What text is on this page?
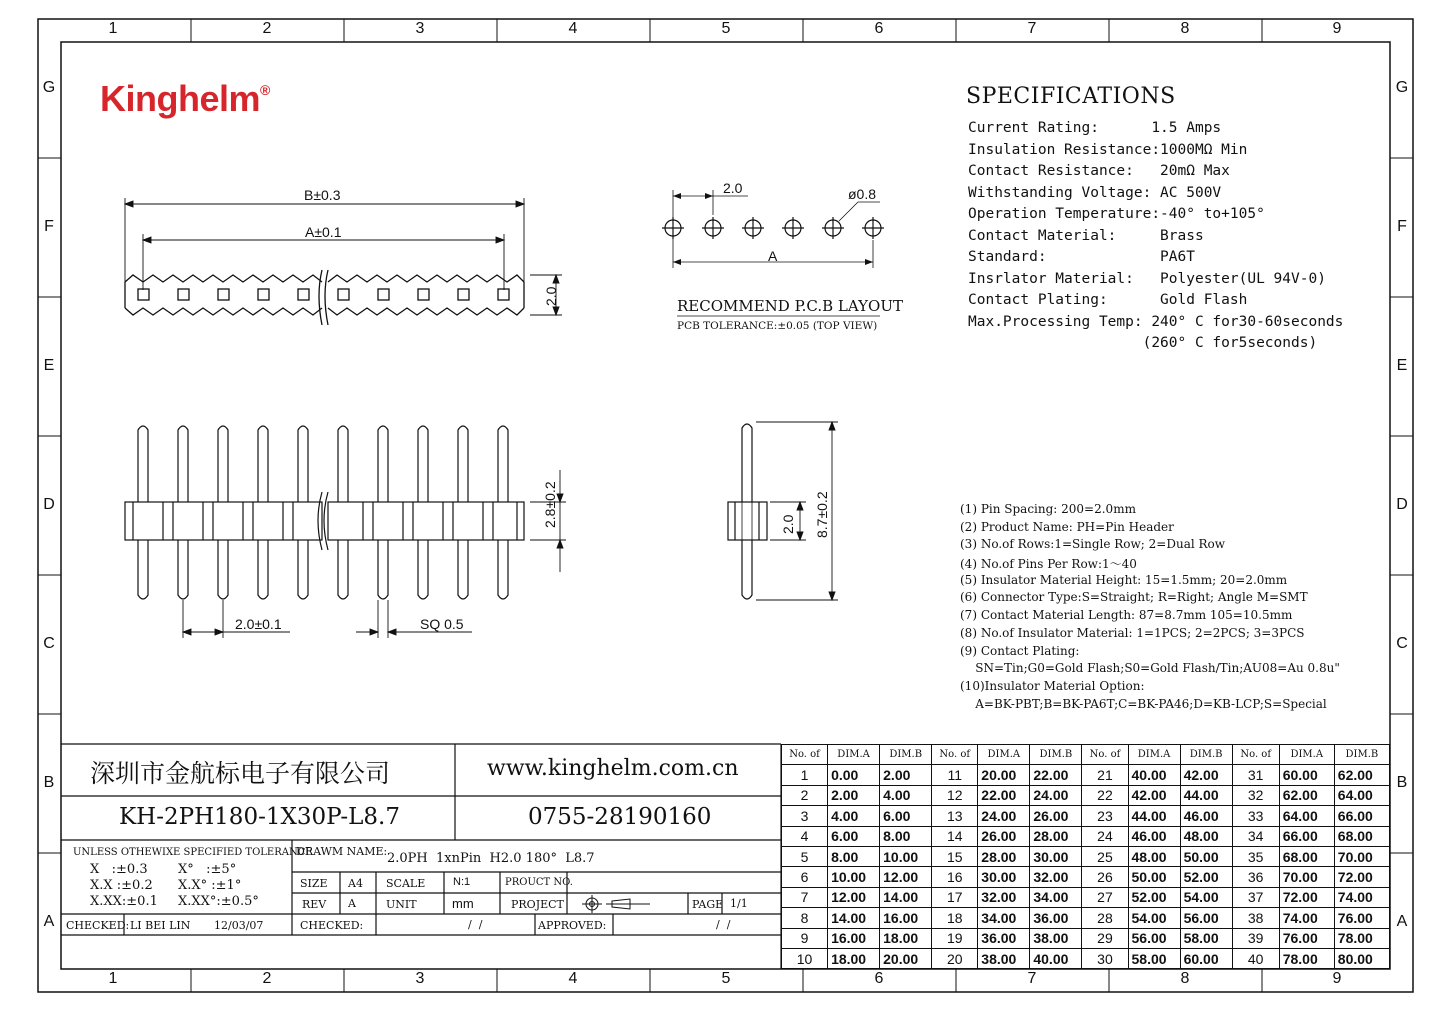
1	2	3	4	5	6	7	8	9
1	2	3	4	5	6	7	8	9
G
F
E
D
C
B
A
G
F
E
D
C
B
A
Kinghelm®	SPECIFICATIONS
Current Rating:      1.5 Amps
Insulation Resistance:1000MΩ Min
Contact Resistance:   20mΩ Max
Withstanding Voltage: AC 500V
Operation Temperature:-40° to+105°
Contact Material:     Brass
Standard:             PA6T
Insrlator Material:   Polyester(UL 94V-0)
Contact Plating:      Gold Flash
Max.Processing Temp: 240° C for30-60seconds
(260° C for5seconds)
(1) Pin Spacing: 200=2.0mm
(2) Product Name: PH=Pin Header
(3) No.of Rows:1=Single Row; 2=Dual Row
(4) No.of Pins Per Row:1～40
(5) Insulator Material Height: 15=1.5mm; 20=2.0mm
(6) Connector Type:S=Straight; R=Right; Angle M=SMT
(7) Contact Material Length: 87=8.7mm 105=10.5mm
(8) No.of Insulator Material: 1=1PCS; 2=2PCS; 3=3PCS
(9) Contact Plating:
SN=Tin;G0=Gold Flash;S0=Gold Flash/Tin;AU08=Au 0.8u"
(10)Insulator Material Option:
A=BK-PBT;B=BK-PA6T;C=BK-PA46;D=KB-LCP;S=Special
B±0.3
A±0.1
2.0
2.0	ø0.8
A
RECOMMEND P.C.B LAYOUT
PCB TOLERANCE:±0.05 (TOP VIEW)
2.8±0.2
2.0±0.1	SQ 0.5
2.0 8.7±0.2
深圳市金航标电子有限公司	www.kinghelm.com.cn
KH-2PH180-1X30P-L8.7	0755-28190160
UNLESS OTHEWIXE SPECIFIED TOLERANCE
X   :±0.3 X°   :±5°
X.X :±0.2 X.X° :±1°
X.XX:±0.1 X.XX°:±0.5°
DRAWM NAME: 2.0PH  1xnPin  H2.0 180°  L8.7
SIZE A4 SCALE	N:1	PROUCT NO.
REV A	UNIT	mm	PROJECT	PAGE 1/1
CHECKED: LI BEI LIN 12/03/07	CHECKED:	/  /	APPROVED:	/  /
No. of	DIM.A	DIM.B	No. of	DIM.A	DIM.B	No. of	DIM.A	DIM.B	No. of	DIM.A	DIM.B
1	0.00	2.00	11	20.00	22.00	21	40.00	42.00	31	60.00	62.00
2	2.00	4.00	12	22.00	24.00	22	42.00	44.00	32	62.00	64.00
3	4.00	6.00	13	24.00	26.00	23	44.00	46.00	33	64.00	66.00
4	6.00	8.00	14	26.00	28.00	24	46.00	48.00	34	66.00	68.00
5	8.00	10.00	15	28.00	30.00	25	48.00	50.00	35	68.00	70.00
6	10.00	12.00	16	30.00	32.00	26	50.00	52.00	36	70.00	72.00
7	12.00	14.00	17	32.00	34.00	27	52.00	54.00	37	72.00	74.00
8	14.00	16.00	18	34.00	36.00	28	54.00	56.00	38	74.00	76.00
9	16.00	18.00	19	36.00	38.00	29	56.00	58.00	39	76.00	78.00
10	18.00	20.00	20	38.00	40.00	30	58.00	60.00	40	78.00	80.00
